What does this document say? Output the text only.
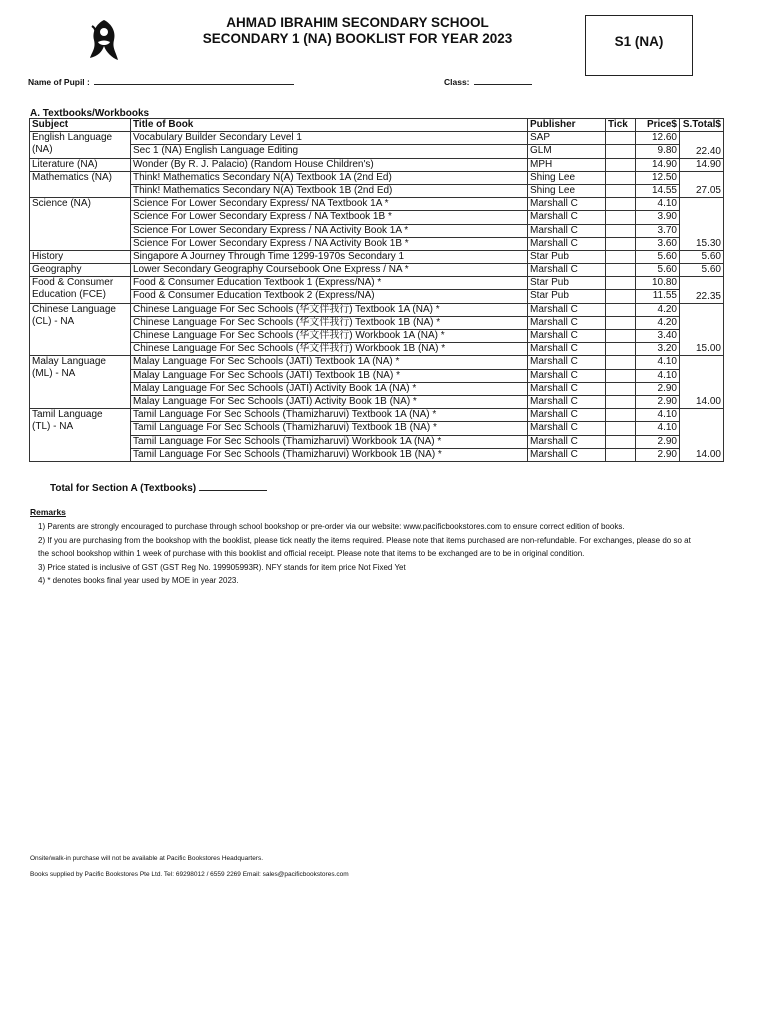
AHMAD IBRAHIM SECONDARY SCHOOL
SECONDARY 1 (NA) BOOKLIST FOR YEAR 2023	S1 (NA)
Name of Pupil :	Class:
A. Textbooks/Workbooks
Subject	Title of Book	Publisher	Tick	Price$	S.Total$

English Language
(NA)	Vocabulary Builder Secondary Level 1	SAP		12.60	22.40
	Sec 1 (NA) English Language Editing	GLM		9.80	

Literature (NA)	Wonder (By R. J. Palacio) (Random House Children's)	MPH		14.90	14.90

Mathematics (NA)	Think! Mathematics Secondary N(A) Textbook 1A (2nd Ed)	Shing Lee		12.50	27.05
	Think! Mathematics Secondary N(A) Textbook 1B (2nd Ed)	Shing Lee		14.55	

Science (NA)	Science For Lower Secondary Express/ NA Textbook 1A *	Marshall C		4.10	15.30
	Science For Lower Secondary Express / NA Textbook 1B *	Marshall C		3.90	
	Science For Lower Secondary Express / NA Activity Book 1A *	Marshall C		3.70	
	Science For Lower Secondary Express / NA Activity Book 1B *	Marshall C		3.60	

History	Singapore A Journey Through Time 1299-1970s Secondary 1	Star Pub		5.60	5.60

Geography	Lower Secondary Geography Coursebook One Express / NA *	Marshall C		5.60	5.60

Food & Consumer
Education (FCE)	Food & Consumer Education Textbook 1 (Express/NA) *	Star Pub		10.80	22.35
	Food & Consumer Education Textbook 2 (Express/NA)	Star Pub		11.55	

Chinese Language
(CL) - NA	Chinese Language For Sec Schools (华文伴我行) Textbook 1A (NA) *	Marshall C		4.20	15.00
	Chinese Language For Sec Schools (华文伴我行) Textbook 1B (NA) *	Marshall C		4.20	
	Chinese Language For Sec Schools (华文伴我行) Workbook 1A (NA) *	Marshall C		3.40	
	Chinese Language For Sec Schools (华文伴我行) Workbook 1B (NA) *	Marshall C		3.20	

Malay Language
(ML) - NA	Malay Language For Sec Schools (JATI) Textbook 1A (NA) *	Marshall C		4.10	14.00
	Malay Language For Sec Schools (JATI) Textbook 1B (NA) *	Marshall C		4.10	
	Malay Language For Sec Schools (JATI) Activity Book 1A (NA) *	Marshall C		2.90	
	Malay Language For Sec Schools (JATI) Activity Book 1B (NA) *	Marshall C		2.90	

Tamil Language
(TL) - NA	Tamil Language For Sec Schools (Thamizharuvi) Textbook 1A (NA) *	Marshall C		4.10	14.00
	Tamil Language For Sec Schools (Thamizharuvi) Textbook 1B (NA) *	Marshall C		4.10	
	Tamil Language For Sec Schools (Thamizharuvi) Workbook 1A (NA) *	Marshall C		2.90	
	Tamil Language For Sec Schools (Thamizharuvi) Workbook 1B (NA) *	Marshall C		2.90	
Total for Section A (Textbooks)
Remarks

1) Parents are strongly encouraged to purchase through school bookshop or pre-order via our website: www.pacificbookstores.com to ensure correct edition of books.

2) If you are purchasing from the bookshop with the booklist, please tick neatly the items required. Please note that items purchased are non-refundable. For exchanges, please do so at the school bookshop within 1 week of purchase with this booklist and official receipt. Please note that items to be exchanged are to be in original condition.

3) Price stated is inclusive of GST (GST Reg No. 199905993R). NFY stands for item price Not Fixed Yet

4) * denotes books final year used by MOE in year 2023.

Onsite/walk-in purchase will not be available at Pacific Bookstores Headquarters.
Books supplied by Pacific Bookstores Pte Ltd. Tel: 69298012 / 6559 2269 Email: sales@pacificbookstores.com
